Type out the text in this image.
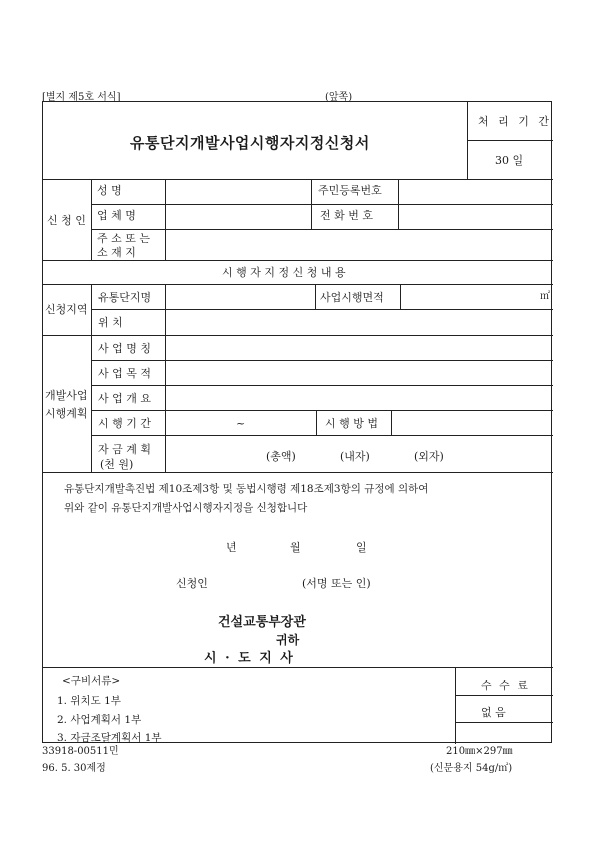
[별지 제5호 서식]	(앞쪽)
처 리 기 간
30 일
유통단지개발사업시행자지정신청서
신 청 인
성 명	주민등록번호
업 체 명	전 화 번 호
주 소 또 는
소 재 지
시 행 자 지 정 신 청 내 용
신청지역
유통단지명	사업시행면적	㎡
위 치
개발사업
시행계획
사 업 명 칭
사 업 목 적
사 업 개 요
시 행 기 간	~	시 행 방 법
자 금 계 획
(천 원)
(총액)	(내자)	(외자)
유통단지개발촉진법 제10조제3항 및 동법시행령 제18조제3항의 규정에 의하여
위와 같이 유통단지개발사업시행자지정을 신청합니다
년	월	일
신청인	(서명 또는 인)
건설교통부장관
귀하
시 · 도 지 사
<구비서류>
1. 위치도 1부
2. 사업계획서 1부
3. 자금조달계획서 1부
수 수 료
없 음
33918-00511민
96. 5. 30제정
210㎜×297㎜
(신문용지 54g/㎡)
